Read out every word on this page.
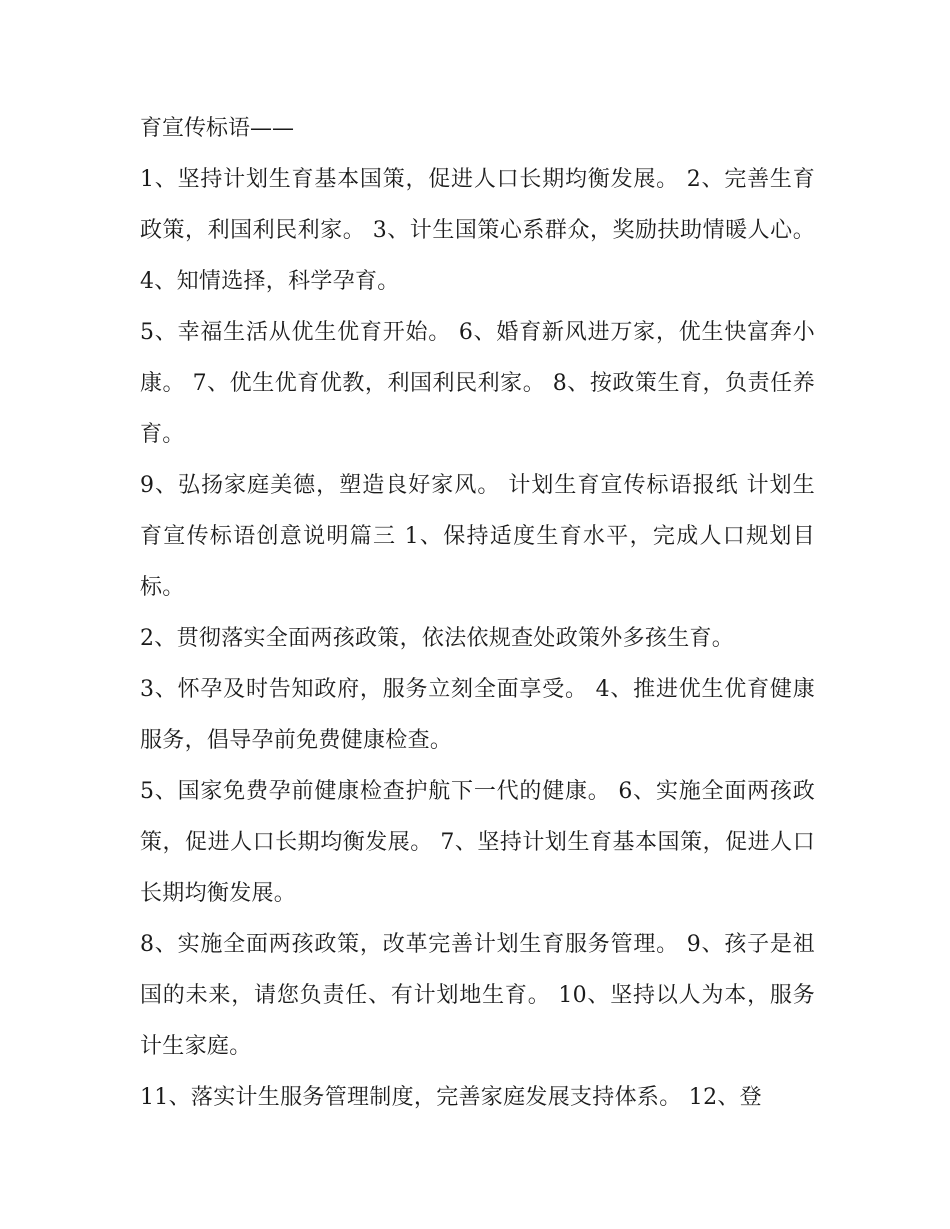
育宣传标语——

1、坚持计划生育基本国策，促进人口长期均衡发展。 2、完善生育政策，利国利民利家。 3、计生国策心系群众，奖励扶助情暖人心。 4、知情选择，科学孕育。

5、幸福生活从优生优育开始。 6、婚育新风进万家，优生快富奔小康。 7、优生优育优教，利国利民利家。 8、按政策生育，负责任养育。

9、弘扬家庭美德，塑造良好家风。 计划生育宣传标语报纸 计划生育宣传标语创意说明篇三 1、保持适度生育水平，完成人口规划目标。

2、贯彻落实全面两孩政策，依法依规查处政策外多孩生育。

3、怀孕及时告知政府，服务立刻全面享受。 4、推进优生优育健康服务，倡导孕前免费健康检查。

5、国家免费孕前健康检查护航下一代的健康。 6、实施全面两孩政策，促进人口长期均衡发展。 7、坚持计划生育基本国策，促进人口长期均衡发展。

8、实施全面两孩政策，改革完善计划生育服务管理。 9、孩子是祖国的未来，请您负责任、有计划地生育。 10、坚持以人为本，服务计生家庭。

11、落实计生服务管理制度，完善家庭发展支持体系。 12、登
